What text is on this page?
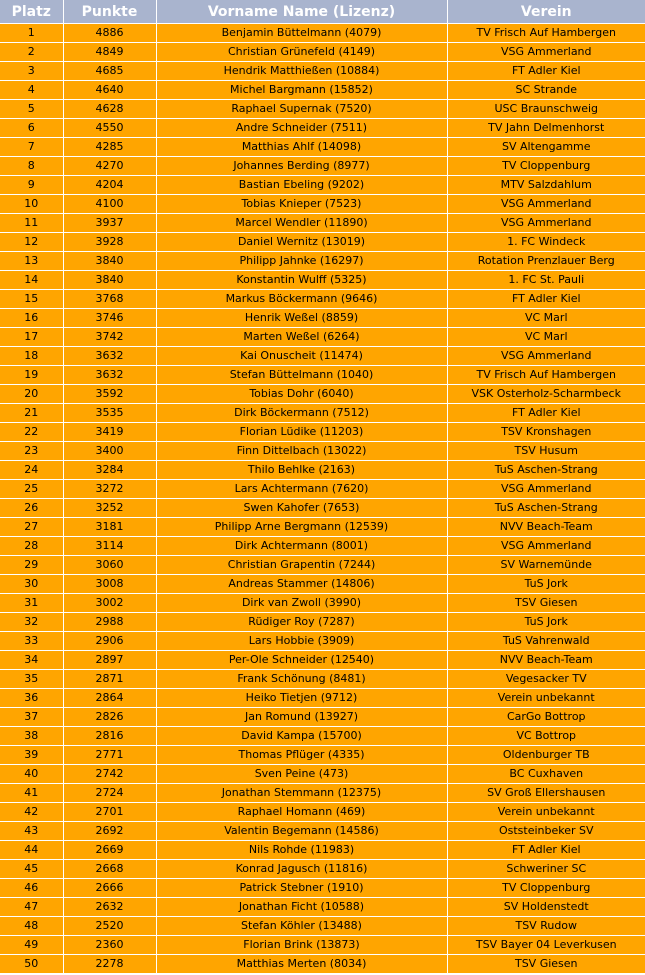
Platz	Punkte	Vorname Name (Lizenz)	Verein
1	4886	Benjamin Büttelmann (4079)	TV Frisch Auf Hambergen
2	4849	Christian Grünefeld (4149)	VSG Ammerland
3	4685	Hendrik Matthießen (10884)	FT Adler Kiel
4	4640	Michel Bargmann (15852)	SC Strande
5	4628	Raphael Supernak (7520)	USC Braunschweig
6	4550	Andre Schneider (7511)	TV Jahn Delmenhorst
7	4285	Matthias Ahlf (14098)	SV Altengamme
8	4270	Johannes Berding (8977)	TV Cloppenburg
9	4204	Bastian Ebeling (9202)	MTV Salzdahlum
10	4100	Tobias Knieper (7523)	VSG Ammerland
11	3937	Marcel Wendler (11890)	VSG Ammerland
12	3928	Daniel Wernitz (13019)	1. FC Windeck
13	3840	Philipp Jahnke (16297)	Rotation Prenzlauer Berg
14	3840	Konstantin Wulff (5325)	1. FC St. Pauli
15	3768	Markus Böckermann (9646)	FT Adler Kiel
16	3746	Henrik Weßel (8859)	VC Marl
17	3742	Marten Weßel (6264)	VC Marl
18	3632	Kai Onuscheit (11474)	VSG Ammerland
19	3632	Stefan Büttelmann (1040)	TV Frisch Auf Hambergen
20	3592	Tobias Dohr (6040)	VSK Osterholz-Scharmbeck
21	3535	Dirk Böckermann (7512)	FT Adler Kiel
22	3419	Florian Lüdike (11203)	TSV Kronshagen
23	3400	Finn Dittelbach (13022)	TSV Husum
24	3284	Thilo Behlke (2163)	TuS Aschen-Strang
25	3272	Lars Achtermann (7620)	VSG Ammerland
26	3252	Swen Kahofer (7653)	TuS Aschen-Strang
27	3181	Philipp Arne Bergmann (12539)	NVV Beach-Team
28	3114	Dirk Achtermann (8001)	VSG Ammerland
29	3060	Christian Grapentin (7244)	SV Warnemünde
30	3008	Andreas Stammer (14806)	TuS Jork
31	3002	Dirk van Zwoll (3990)	TSV Giesen
32	2988	Rüdiger Roy (7287)	TuS Jork
33	2906	Lars Hobbie (3909)	TuS Vahrenwald
34	2897	Per-Ole Schneider (12540)	NVV Beach-Team
35	2871	Frank Schönung (8481)	Vegesacker TV
36	2864	Heiko Tietjen (9712)	Verein unbekannt
37	2826	Jan Romund (13927)	CarGo Bottrop
38	2816	David Kampa (15700)	VC Bottrop
39	2771	Thomas Pflüger (4335)	Oldenburger TB
40	2742	Sven Peine (473)	BC Cuxhaven
41	2724	Jonathan Stemmann (12375)	SV Groß Ellershausen
42	2701	Raphael Homann (469)	Verein unbekannt
43	2692	Valentin Begemann (14586)	Oststeinbeker SV
44	2669	Nils Rohde (11983)	FT Adler Kiel
45	2668	Konrad Jagusch (11816)	Schweriner SC
46	2666	Patrick Stebner (1910)	TV Cloppenburg
47	2632	Jonathan Ficht (10588)	SV Holdenstedt
48	2520	Stefan Köhler (13488)	TSV Rudow
49	2360	Florian Brink (13873)	TSV Bayer 04 Leverkusen
50	2278	Matthias Merten (8034)	TSV Giesen
